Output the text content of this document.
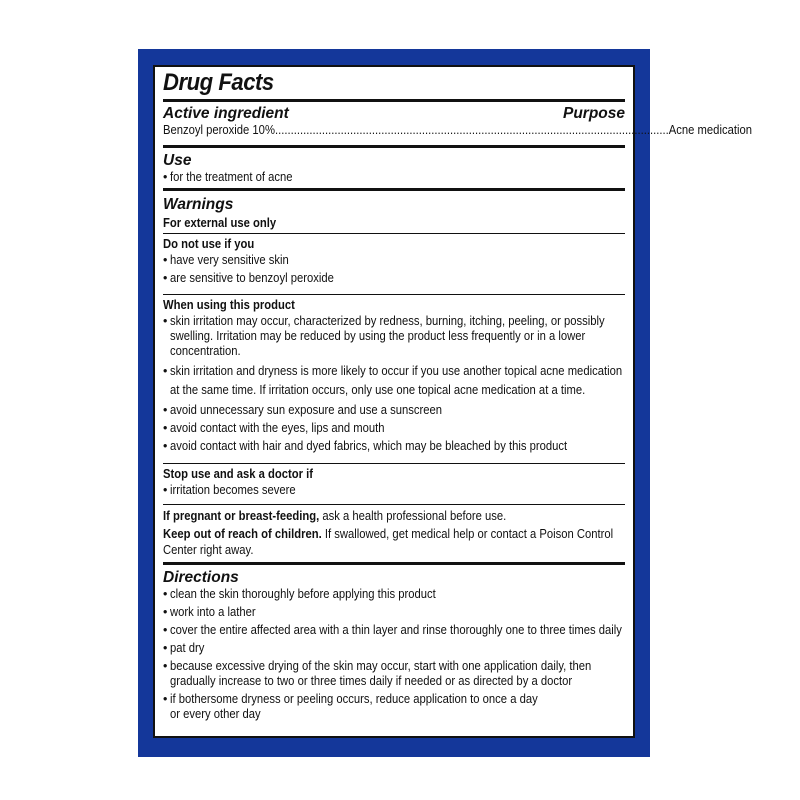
Drug Facts
Active ingredient	Purpose
Benzoyl peroxide 10% .............................................................................................................................. Acne medication
Use
• for the treatment of acne
Warnings
For external use only
Do not use if you
• have very sensitive skin
• are sensitive to benzoyl peroxide
When using this product
• skin irritation may occur, characterized by redness, burning, itching, peeling, or possibly swelling. Irritation may be reduced by using the product less frequently or in a lower concentration.
• skin irritation and dryness is more likely to occur if you use another topical acne medication at the same time. If irritation occurs, only use one topical acne medication at a time.
• avoid unnecessary sun exposure and use a sunscreen
• avoid contact with the eyes, lips and mouth
• avoid contact with hair and dyed fabrics, which may be bleached by this product
Stop use and ask a doctor if
• irritation becomes severe
If pregnant or breast-feeding, ask a health professional before use.
Keep out of reach of children. If swallowed, get medical help or contact a Poison Control Center right away.
Directions
• clean the skin thoroughly before applying this product
• work into a lather
• cover the entire affected area with a thin layer and rinse thoroughly one to three times daily
• pat dry
• because excessive drying of the skin may occur, start with one application daily, then gradually increase to two or three times daily if needed or as directed by a doctor
• if bothersome dryness or peeling occurs, reduce application to once a day or every other day
